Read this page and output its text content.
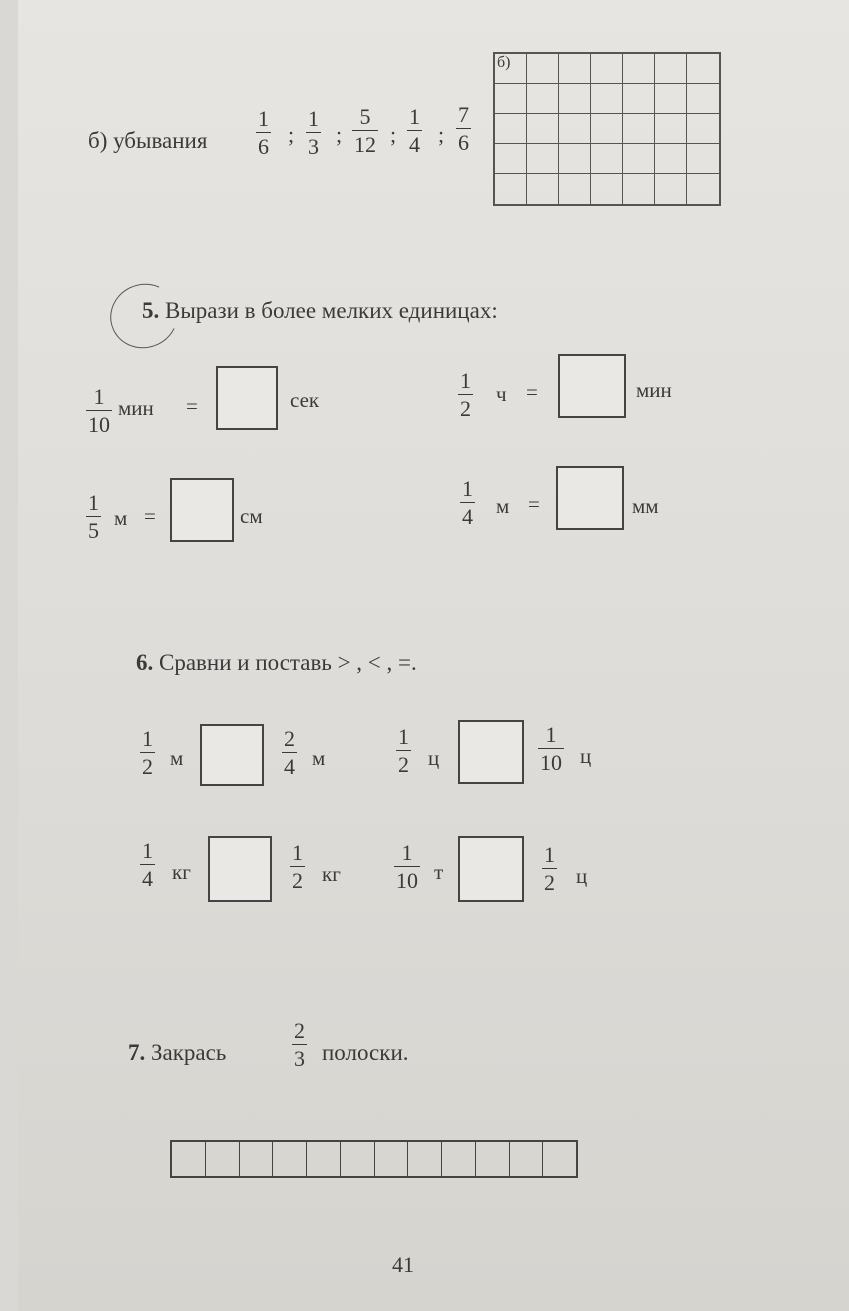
б) убывания
1
6 ;
1
3 ;
5
12 ;
1
4 ;
7
6
б)
5. Вырази в более мелких единицах:
1
10
мин =	сек
1
2
ч =	мин
1
5 м =	см
1
4 м =	мм
6. Сравни и поставь > , < , =.
1
2 м
2
4 м
1
2 ц
1
10 ц
1
4 кг
1
2 кг
1
10 т
1
2 ц
7. Закрась
2
3 полоски.
41
